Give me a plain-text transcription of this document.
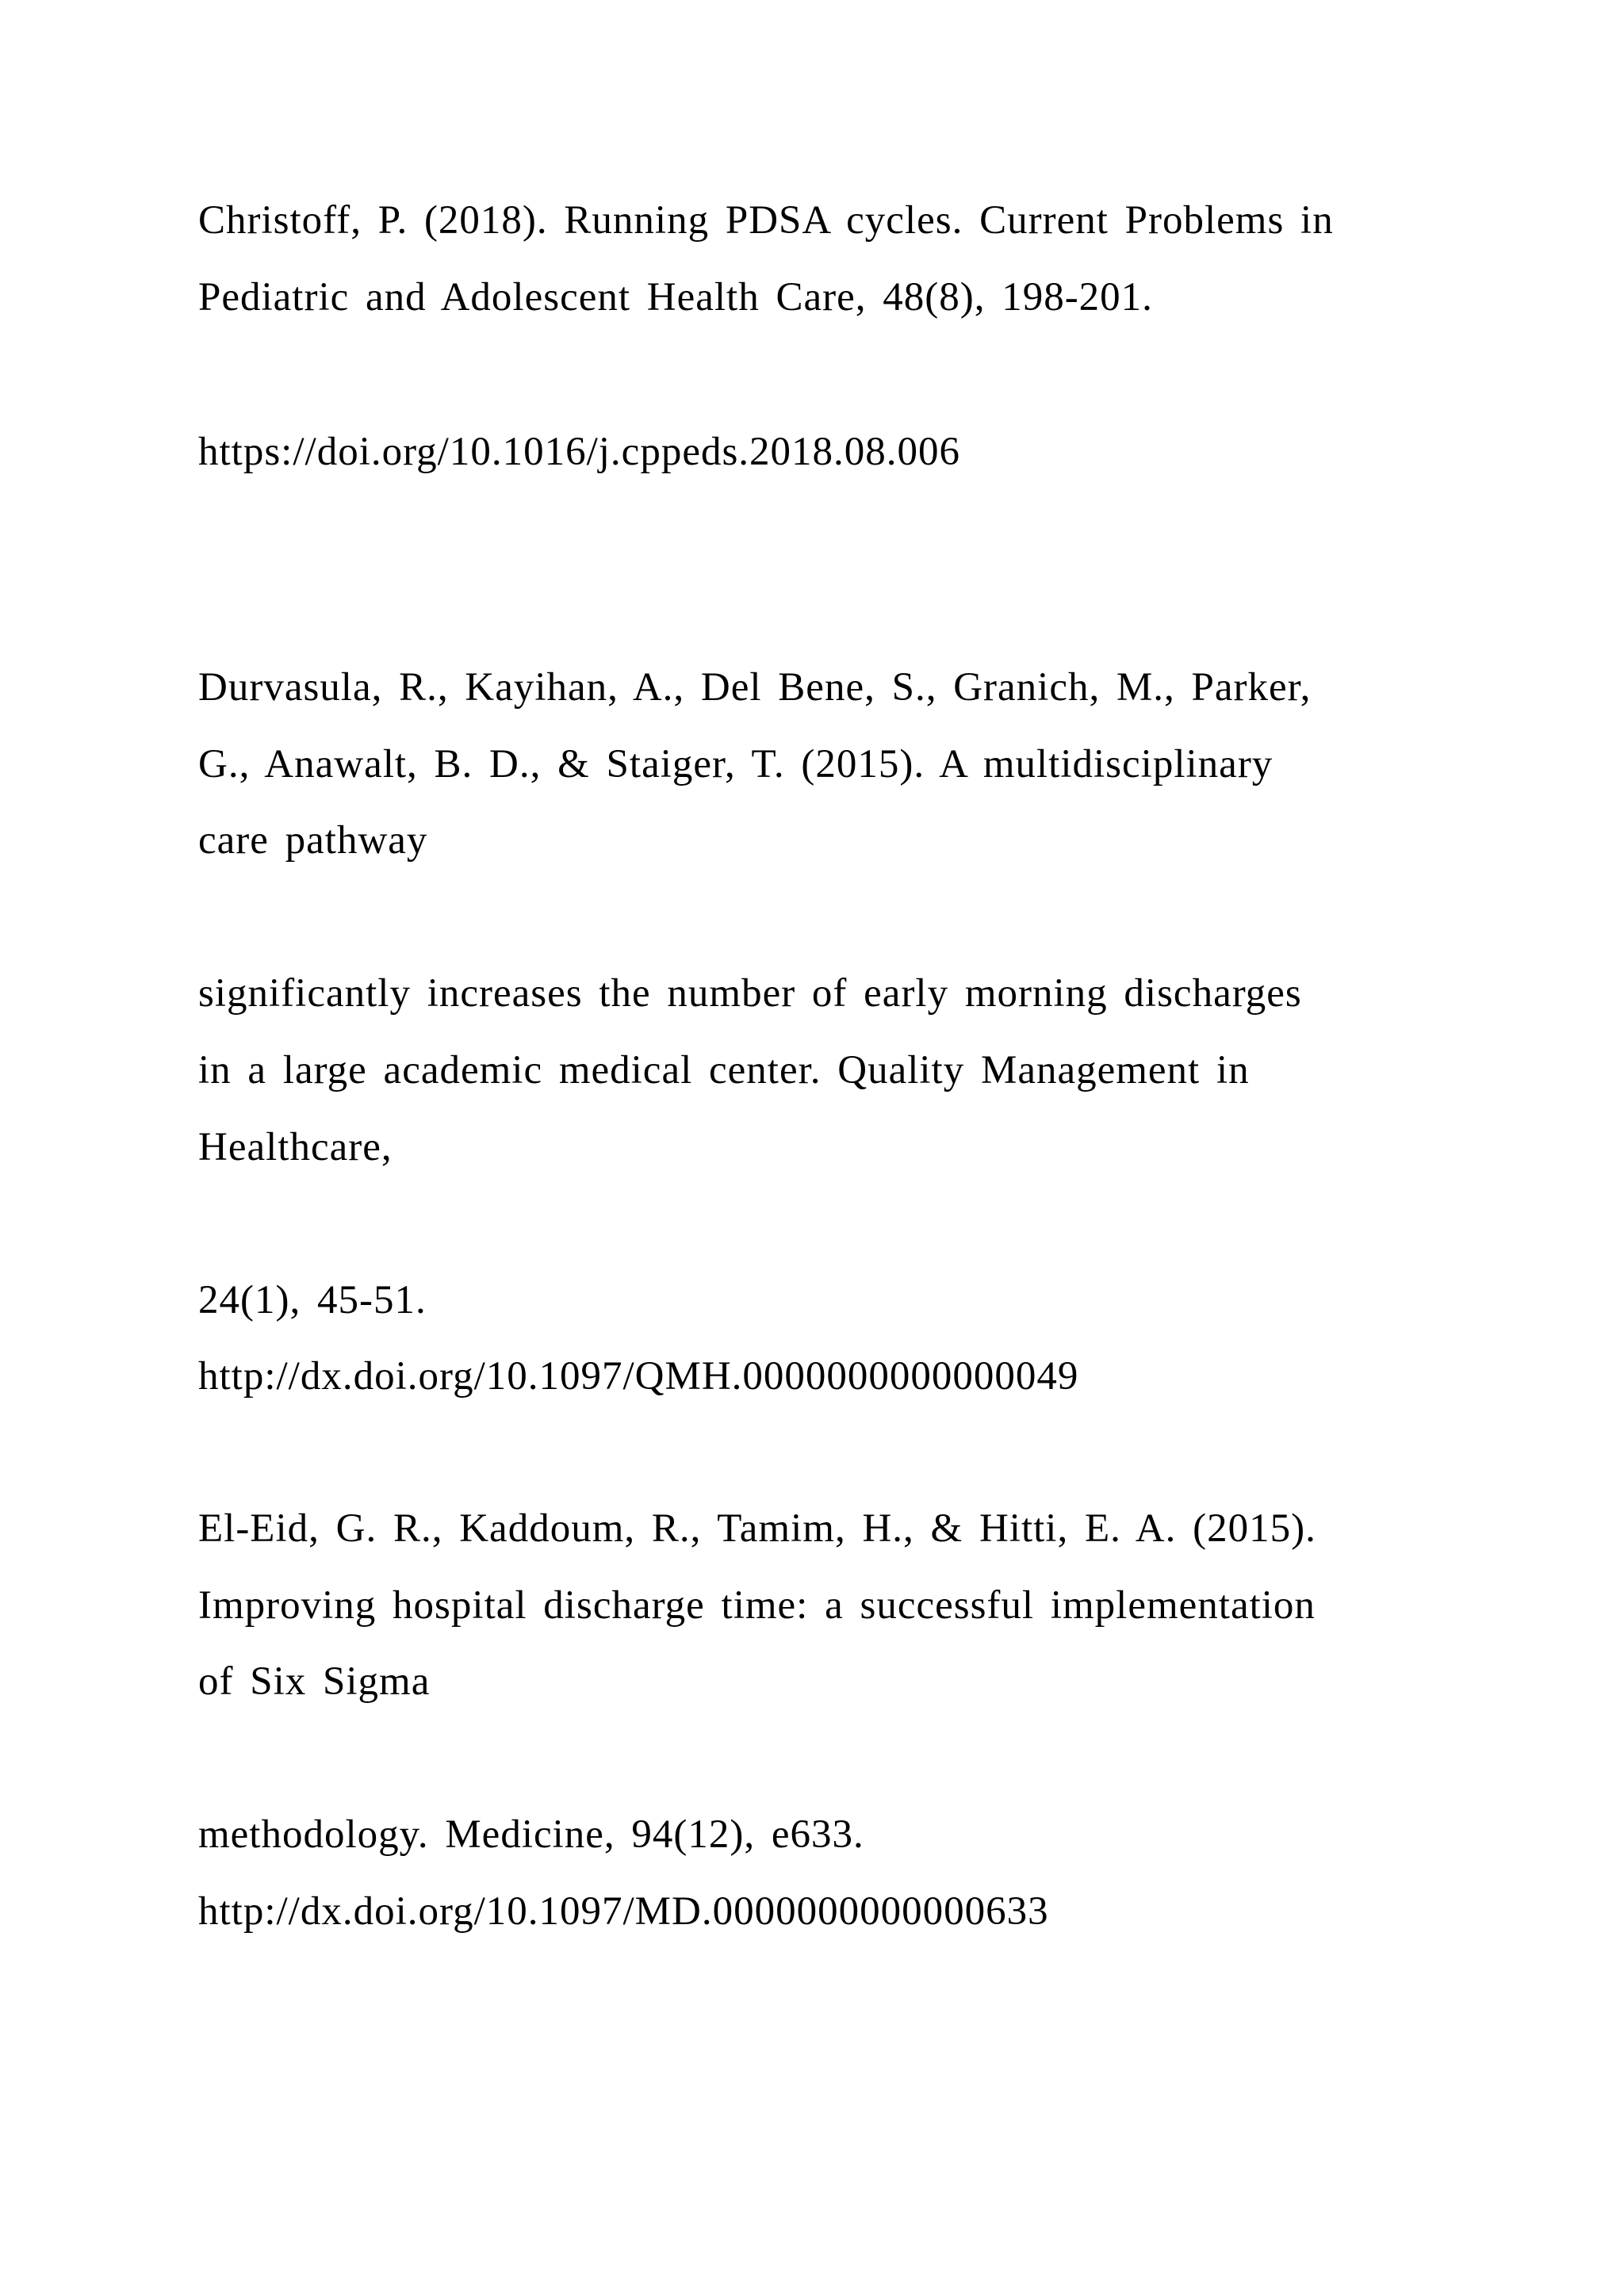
Christoff, P. (2018). Running PDSA cycles. Current Problems in

Pediatric and Adolescent Health Care, 48(8), 198-201.

https://doi.org/10.1016/j.cppeds.2018.08.006

Durvasula, R., Kayihan, A., Del Bene, S., Granich, M., Parker,

G., Anawalt, B. D., & Staiger, T. (2015). A multidisciplinary

care pathway

significantly increases the number of early morning discharges

in a large academic medical center. Quality Management in

Healthcare,

24(1), 45-51.

http://dx.doi.org/10.1097/QMH.0000000000000049

El-Eid, G. R., Kaddoum, R., Tamim, H., & Hitti, E. A. (2015).

Improving hospital discharge time: a successful implementation

of Six Sigma

methodology. Medicine, 94(12), e633.

http://dx.doi.org/10.1097/MD.0000000000000633
